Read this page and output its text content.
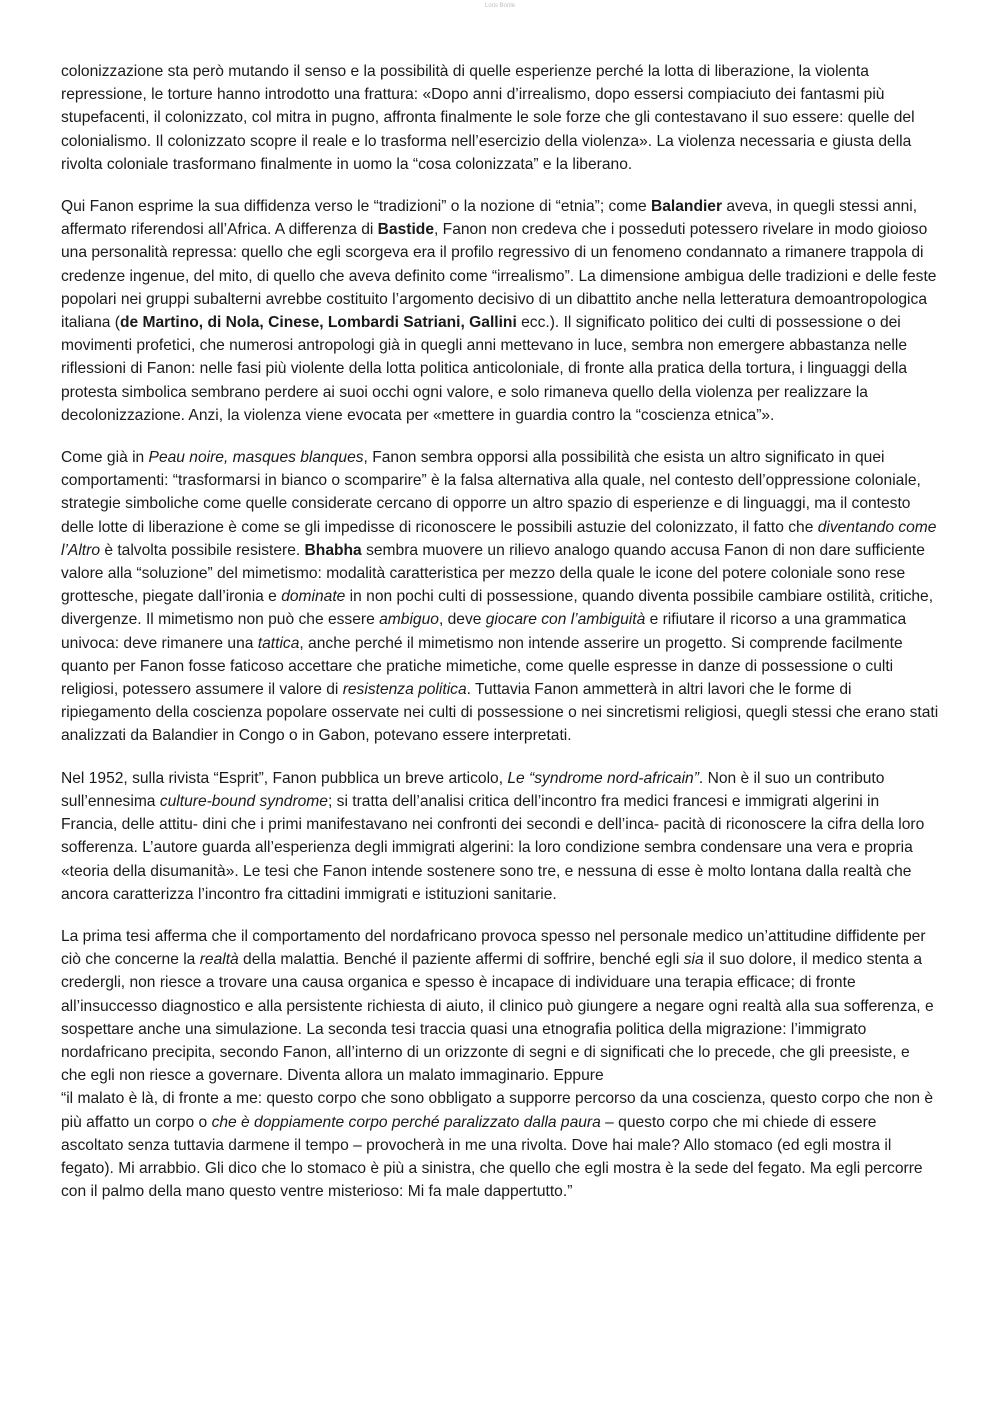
Loris Borile

colonizzazione sta però mutando il senso e la possibilità di quelle esperienze perché la lotta di liberazione, la violenta repressione, le torture hanno introdotto una frattura: «Dopo anni d’irrealismo, dopo essersi compiaciuto dei fantasmi più stupefacenti, il colonizzato, col mitra in pugno, affronta finalmente le sole forze che gli contestavano il suo essere: quelle del colonialismo. Il colonizzato scopre il reale e lo trasforma nell’esercizio della violenza». La violenza necessaria e giusta della rivolta coloniale trasformano finalmente in uomo la “cosa colonizzata” e la liberano.

Qui Fanon esprime la sua diffidenza verso le “tradizioni” o la nozione di “etnia”; come Balandier aveva, in quegli stessi anni, affermato riferendosi all’Africa. A differenza di Bastide, Fanon non credeva che i posseduti potessero rivelare in modo gioioso una personalità repressa: quello che egli scorgeva era il profilo regressivo di un fenomeno condannato a rimanere trappola di credenze ingenue, del mito, di quello che aveva definito come “irrealismo”. La dimensione ambigua delle tradizioni e delle feste popolari nei gruppi subalterni avrebbe costituito l’argomento decisivo di un dibattito anche nella letteratura demoantropologica italiana (de Martino, di Nola, Cinese, Lombardi Satriani, Gallini ecc.). Il significato politico dei culti di possessione o dei movimenti profetici, che numerosi antropologi già in quegli anni mettevano in luce, sembra non emergere abbastanza nelle riflessioni di Fanon: nelle fasi più violente della lotta politica anticoloniale, di fronte alla pratica della tortura, i linguaggi della protesta simbolica sembrano perdere ai suoi occhi ogni valore, e solo rimaneva quello della violenza per realizzare la decolonizzazione. Anzi, la violenza viene evocata per «mettere in guardia contro la “coscienza etnica”».

Come già in Peau noire, masques blanques, Fanon sembra opporsi alla possibilità che esista un altro significato in quei comportamenti: “trasformarsi in bianco o scomparire” è la falsa alternativa alla quale, nel contesto dell’oppressione coloniale, strategie simboliche come quelle considerate cercano di opporre un altro spazio di esperienze e di linguaggi, ma il contesto delle lotte di liberazione è come se gli impedisse di riconoscere le possibili astuzie del colonizzato, il fatto che diventando come l’Altro è talvolta possibile resistere. Bhabha sembra muovere un rilievo analogo quando accusa Fanon di non dare sufficiente valore alla “soluzione” del mimetismo: modalità caratteristica per mezzo della quale le icone del potere coloniale sono rese grottesche, piegate dall’ironia e dominate in non pochi culti di possessione, quando diventa possibile cambiare ostilità, critiche, divergenze. Il mimetismo non può che essere ambiguo, deve giocare con l’ambiguità e rifiutare il ricorso a una grammatica univoca: deve rimanere una tattica, anche perché il mimetismo non intende asserire un progetto. Si comprende facilmente quanto per Fanon fosse faticoso accettare che pratiche mimetiche, come quelle espresse in danze di possessione o culti religiosi, potessero assumere il valore di resistenza politica. Tuttavia Fanon ammetterà in altri lavori che le forme di ripiegamento della coscienza popolare osservate nei culti di possessione o nei sincretismi religiosi, quegli stessi che erano stati analizzati da Balandier in Congo o in Gabon, potevano essere interpretati.

Nel 1952, sulla rivista “Esprit”, Fanon pubblica un breve articolo, Le “syndrome nord-africain”. Non è il suo un contributo sull’ennesima culture-bound syndrome; si tratta dell’analisi critica dell’incontro fra medici francesi e immigrati algerini in Francia, delle attitu- dini che i primi manifestavano nei confronti dei secondi e dell’inca- pacità di riconoscere la cifra della loro sofferenza. L’autore guarda all’esperienza degli immigrati algerini: la loro condizione sembra condensare una vera e propria «teoria della disumanità». Le tesi che Fanon intende sostenere sono tre, e nessuna di esse è molto lontana dalla realtà che ancora caratterizza l’incontro fra cittadini immigrati e istituzioni sanitarie.

La prima tesi afferma che il comportamento del nordafricano provoca spesso nel personale medico un’attitudine diffidente per ciò che concerne la realtà della malattia. Benché il paziente affermi di soffrire, benché egli sia il suo dolore, il medico stenta a credergli, non riesce a trovare una causa organica e spesso è incapace di individuare una terapia efficace; di fronte all’insuccesso diagnostico e alla persistente richiesta di aiuto, il clinico può giungere a negare ogni realtà alla sua sofferenza, e sospettare anche una simulazione. La seconda tesi traccia quasi una etnografia politica della migrazione: l’immigrato nordafricano precipita, secondo Fanon, all’interno di un orizzonte di segni e di significati che lo precede, che gli preesiste, e che egli non riesce a governare. Diventa allora un malato immaginario. Eppure
“il malato è là, di fronte a me: questo corpo che sono obbligato a supporre percorso da una coscienza, questo corpo che non è più affatto un corpo o che è doppiamente corpo perché paralizzato dalla paura – questo corpo che mi chiede di essere ascoltato senza tuttavia darmene il tempo – provocherà in me una rivolta. Dove hai male? Allo stomaco (ed egli mostra il fegato). Mi arrabbio. Gli dico che lo stomaco è più a sinistra, che quello che egli mostra è la sede del fegato. Ma egli percorre con il palmo della mano questo ventre misterioso: Mi fa male dappertutto.”
